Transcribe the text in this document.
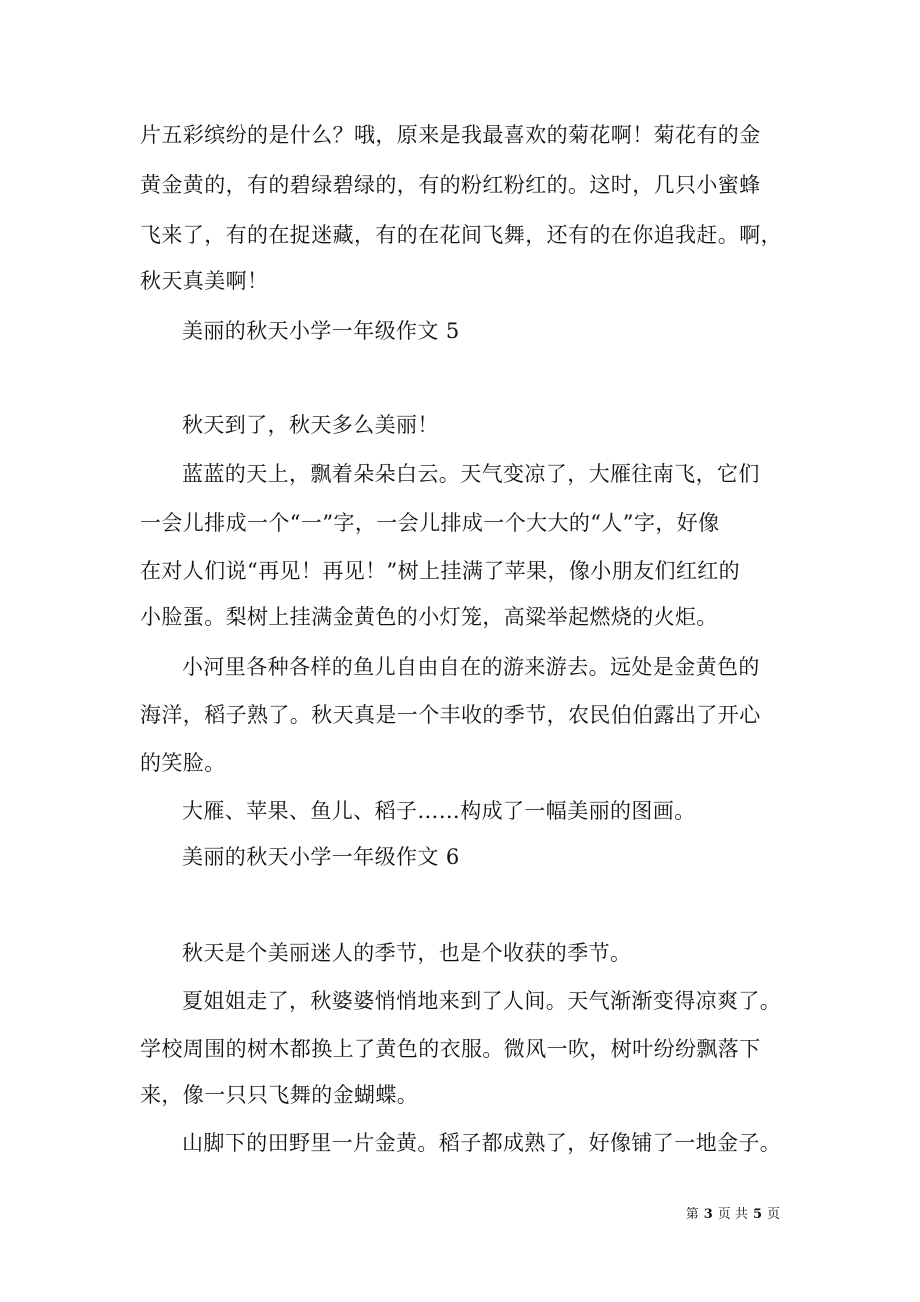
片五彩缤纷的是什么？哦，原来是我最喜欢的菊花啊！菊花有的金
黄金黄的，有的碧绿碧绿的，有的粉红粉红的。这时，几只小蜜蜂
飞来了，有的在捉迷藏，有的在花间飞舞，还有的在你追我赶。啊，
秋天真美啊！
美丽的秋天小学一年级作文 5
秋天到了，秋天多么美丽！
蓝蓝的天上，飘着朵朵白云。天气变凉了，大雁往南飞，它们
一会儿排成一个“一”字，一会儿排成一个大大的“人”字，好像
在对人们说“再见！再见！”树上挂满了苹果，像小朋友们红红的
小脸蛋。梨树上挂满金黄色的小灯笼，高粱举起燃烧的火炬。
小河里各种各样的鱼儿自由自在的游来游去。远处是金黄色的
海洋，稻子熟了。秋天真是一个丰收的季节，农民伯伯露出了开心
的笑脸。
大雁、苹果、鱼儿、稻子……构成了一幅美丽的图画。
美丽的秋天小学一年级作文 6
秋天是个美丽迷人的季节，也是个收获的季节。
夏姐姐走了，秋婆婆悄悄地来到了人间。天气渐渐变得凉爽了。
学校周围的树木都换上了黄色的衣服。微风一吹，树叶纷纷飘落下
来，像一只只飞舞的金蝴蝶。
山脚下的田野里一片金黄。稻子都成熟了，好像铺了一地金子。
第 3 页 共 5 页
